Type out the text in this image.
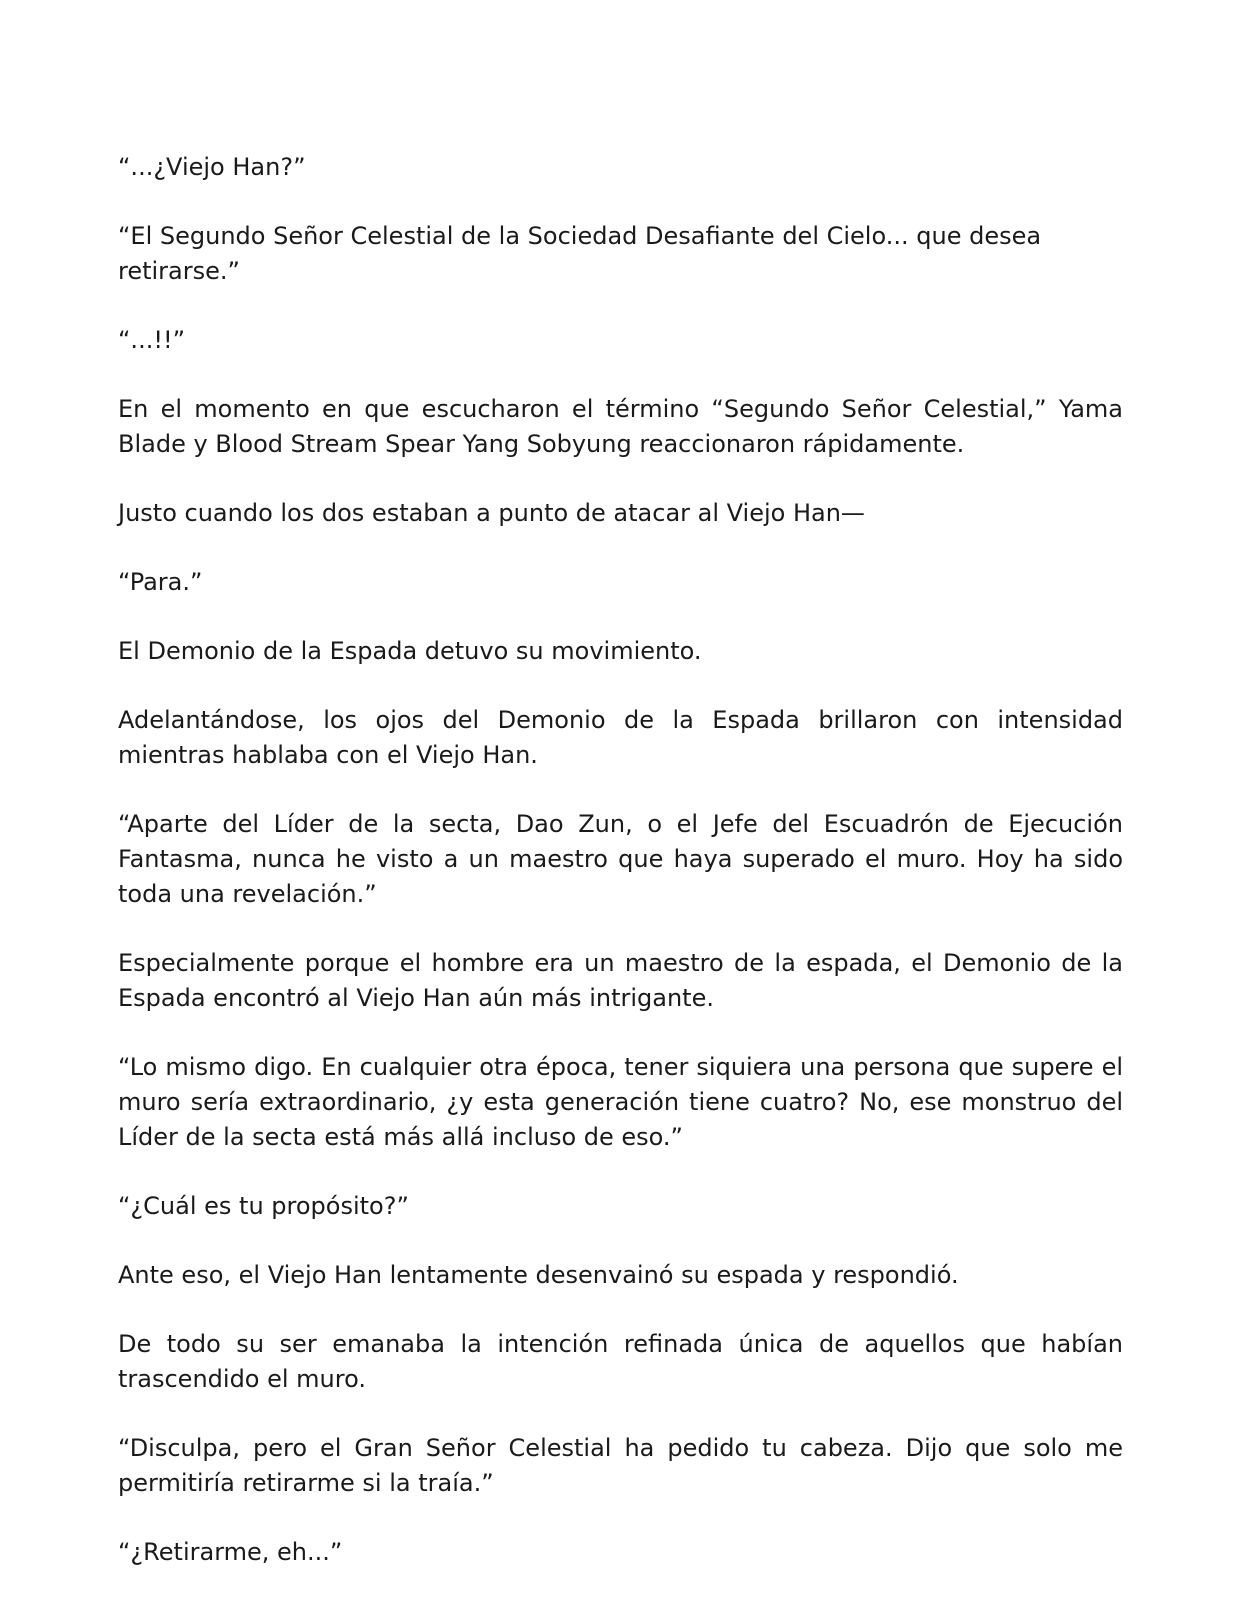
“...¿Viejo Han?”

“El Segundo Señor Celestial de la Sociedad Desafiante del Cielo... que desea retirarse.”

“...!!”

En el momento en que escucharon el término “Segundo Señor Celestial,” Yama Blade y Blood Stream Spear Yang Sobyung reaccionaron rápidamente.

Justo cuando los dos estaban a punto de atacar al Viejo Han—

“Para.”

El Demonio de la Espada detuvo su movimiento.

Adelantándose, los ojos del Demonio de la Espada brillaron con intensidad mientras hablaba con el Viejo Han.

“Aparte del Líder de la secta, Dao Zun, o el Jefe del Escuadrón de Ejecución Fantasma, nunca he visto a un maestro que haya superado el muro. Hoy ha sido toda una revelación.”

Especialmente porque el hombre era un maestro de la espada, el Demonio de la Espada encontró al Viejo Han aún más intrigante.

“Lo mismo digo. En cualquier otra época, tener siquiera una persona que supere el muro sería extraordinario, ¿y esta generación tiene cuatro? No, ese monstruo del Líder de la secta está más allá incluso de eso.”

“¿Cuál es tu propósito?”

Ante eso, el Viejo Han lentamente desenvainó su espada y respondió.

De todo su ser emanaba la intención refinada única de aquellos que habían trascendido el muro.

“Disculpa, pero el Gran Señor Celestial ha pedido tu cabeza. Dijo que solo me permitiría retirarme si la traía.”

“¿Retirarme, eh...”
